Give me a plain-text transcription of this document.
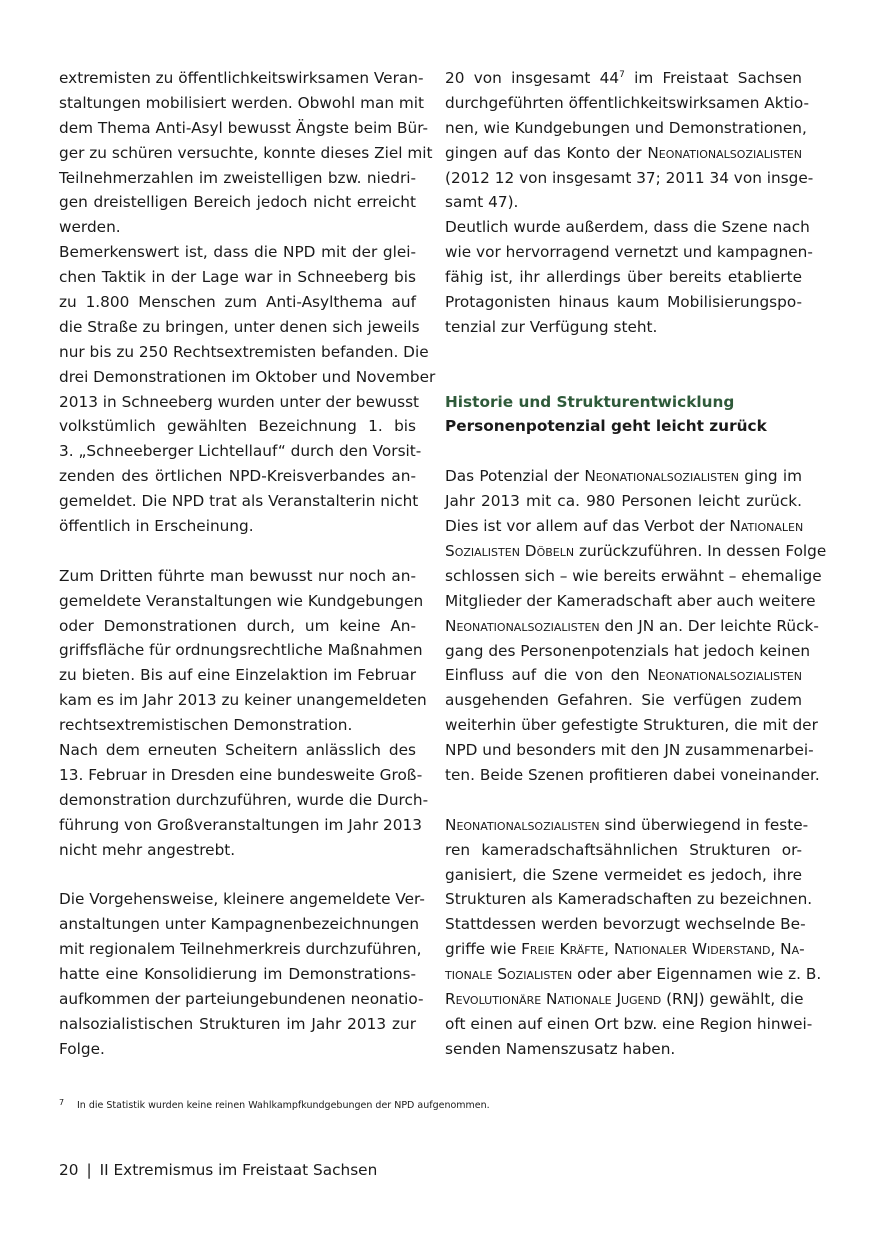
extremisten zu öffentlichkeitswirksamen Veran-
staltungen mobilisiert werden. Obwohl man mit
dem Thema Anti-Asyl bewusst Ängste beim Bür-
ger zu schüren versuchte, konnte dieses Ziel mit
Teilnehmerzahlen im zweistelligen bzw. niedri-
gen dreistelligen Bereich jedoch nicht erreicht
werden.
Bemerkenswert ist, dass die NPD mit der glei-
chen Taktik in der Lage war in Schneeberg bis
zu 1.800 Menschen zum Anti-Asylthema auf
die Straße zu bringen, unter denen sich jeweils
nur bis zu 250 Rechtsextremisten befanden. Die
drei Demonstrationen im Oktober und November
2013 in Schneeberg wurden unter der bewusst
volkstümlich gewählten Bezeichnung 1. bis
3. „Schneeberger Lichtellauf“ durch den Vorsit-
zenden des örtlichen NPD-Kreisverbandes an-
gemeldet. Die NPD trat als Veranstalterin nicht
öffentlich in Erscheinung.
Zum Dritten führte man bewusst nur noch an-
gemeldete Veranstaltungen wie Kundgebungen
oder Demonstrationen durch, um keine An-
griffsfläche für ordnungsrechtliche Maßnahmen
zu bieten. Bis auf eine Einzelaktion im Februar
kam es im Jahr 2013 zu keiner unangemeldeten
rechtsextremistischen Demonstration.
Nach dem erneuten Scheitern anlässlich des
13. Februar in Dresden eine bundesweite Groß-
demonstration durchzuführen, wurde die Durch-
führung von Großveranstaltungen im Jahr 2013
nicht mehr angestrebt.
Die Vorgehensweise, kleinere angemeldete Ver-
anstaltungen unter Kampagnenbezeichnungen
mit regionalem Teilnehmerkreis durchzuführen,
hatte eine Konsolidierung im Demonstrations-
aufkommen der parteiungebundenen neonatio-
nalsozialistischen Strukturen im Jahr 2013 zur
Folge.
20 von insgesamt $44^7$ im Freistaat Sachsen
durchgeführten öffentlichkeitswirksamen Aktio-
nen, wie Kundgebungen und Demonstrationen,
gingen auf das Konto der Neonationalsozialisten
(2012 12 von insgesamt 37; 2011 34 von insge-
samt 47).
Deutlich wurde außerdem, dass die Szene nach
wie vor hervorragend vernetzt und kampagnen-
fähig ist, ihr allerdings über bereits etablierte
Protagonisten hinaus kaum Mobilisierungspo-
tenzial zur Verfügung steht.
Historie und Strukturentwicklung
Personenpotenzial geht leicht zurück
Das Potenzial der Neonationalsozialisten ging im
Jahr 2013 mit ca. 980 Personen leicht zurück.
Dies ist vor allem auf das Verbot der Nationalen
Sozialisten Döbeln zurückzuführen. In dessen Folge
schlossen sich – wie bereits erwähnt – ehemalige
Mitglieder der Kameradschaft aber auch weitere
Neonationalsozialisten den JN an. Der leichte Rück-
gang des Personenpotenzials hat jedoch keinen
Einfluss auf die von den Neonationalsozialisten
ausgehenden Gefahren. Sie verfügen zudem
weiterhin über gefestigte Strukturen, die mit der
NPD und besonders mit den JN zusammenarbei-
ten. Beide Szenen profitieren dabei voneinander.
Neonationalsozialisten sind überwiegend in feste-
ren kameradschaftsähnlichen Strukturen or-
ganisiert, die Szene vermeidet es jedoch, ihre
Strukturen als Kameradschaften zu bezeichnen.
Stattdessen werden bevorzugt wechselnde Be-
griffe wie Freie Kräfte, Nationaler Widerstand, Na-
tionale Sozialisten oder aber Eigennamen wie z. B.
Revolutionäre Nationale Jugend (RNJ) gewählt, die
oft einen auf einen Ort bzw. eine Region hinwei-
senden Namenszusatz haben.
7 In die Statistik wurden keine reinen Wahlkampfkundgebungen der NPD aufgenommen.
20 | II Extremismus im Freistaat Sachsen
